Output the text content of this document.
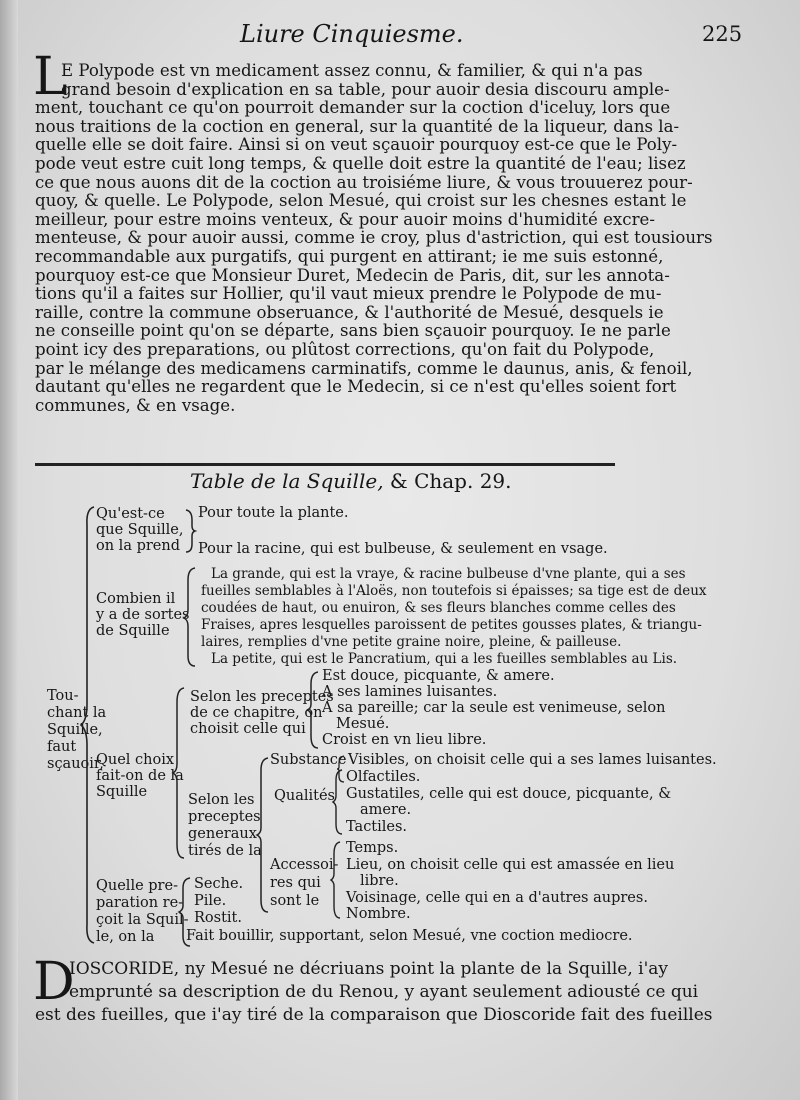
Liure Cinquiesme.	225
L
E Polypode est vn medicament assez connu, & familier, & qui n'a pas
grand besoin d'explication en sa table, pour auoir desia discouru ample-
ment, touchant ce qu'on pourroit demander sur la coction d'iceluy, lors que
nous traitions de la coction en general, sur la quantité de la liqueur, dans la-
quelle elle se doit faire. Ainsi si on veut sçauoir pourquoy est-ce que le Poly-
pode veut estre cuit long temps, & quelle doit estre la quantité de l'eau; lisez
ce que nous auons dit de la coction au troisiéme liure, & vous trouuerez pour-
quoy, & quelle. Le Polypode, selon Mesué, qui croist sur les chesnes estant le
meilleur, pour estre moins venteux, & pour auoir moins d'humidité excre-
menteuse, & pour auoir aussi, comme ie croy, plus d'astriction, qui est tousiours
recommandable aux purgatifs, qui purgent en attirant; ie me suis estonné,
pourquoy est-ce que Monsieur Duret, Medecin de Paris, dit, sur les annota-
tions qu'il a faites sur Hollier, qu'il vaut mieux prendre le Polypode de mu-
raille, contre la commune obseruance, & l'authorité de Mesué, desquels ie
ne conseille point qu'on se départe, sans bien sçauoir pourquoy. Ie ne parle
point icy des preparations, ou plûtost corrections, qu'on fait du Polypode,
par le mélange des medicamens carminatifs, comme le daunus, anis, & fenoil,
dautant qu'elles ne regardent que le Medecin, si ce n'est qu'elles soient fort
communes, & en vsage.
Table de la Squille, & Chap. 29.
Tou-
chant la
Squille,
faut
sçauoir,
Qu'est-ce
que Squille,
on la prend
Pour toute la plante.
Pour la racine, qui est bulbeuse, & seulement en vsage.
Combien il
y a de sortes
de Squille
La grande, qui est la vraye, & racine bulbeuse d'vne plante, qui a ses
fueilles semblables à l'Aloës, non toutefois si épaisses; sa tige est de deux
coudées de haut, ou enuiron, & ses fleurs blanches comme celles des
Fraises, apres lesquelles paroissent de petites gousses plates, & triangu-
laires, remplies d'vne petite graine noire, pleine, & pailleuse.
La petite, qui est le Pancratium, qui a les fueilles semblables au Lis.
Quel choix
fait-on de la
Squille
Selon les preceptes
de ce chapitre, on
choisit celle qui
Est douce, picquante, & amere.
A ses lamines luisantes.
A sa pareille; car la seule est venimeuse, selon
Mesué.
Croist en vn lieu libre.
Selon les
preceptes
generaux
tirés de la
Substance Visibles, on choisit celle qui a ses lames luisantes.
Qualités
Olfactiles.
Gustatiles, celle qui est douce, picquante, &
amere.
Tactiles.
Accessoi-
res qui
sont le
Temps.
Lieu, on choisit celle qui est amassée en lieu
libre.
Voisinage, celle qui en a d'autres aupres.
Nombre.
Quelle pre-
paration re-
çoit la Squil-
le, on la
Seche.
Pile.
Rostit.
Fait bouillir, supportant, selon Mesué, vne coction mediocre.
D
IOSCORIDE, ny Mesué ne décriuans point la plante de la Squille, i'ay
emprunté sa description de du Renou, y ayant seulement adiousté ce qui
est des fueilles, que i'ay tiré de la comparaison que Dioscoride fait des fueilles
